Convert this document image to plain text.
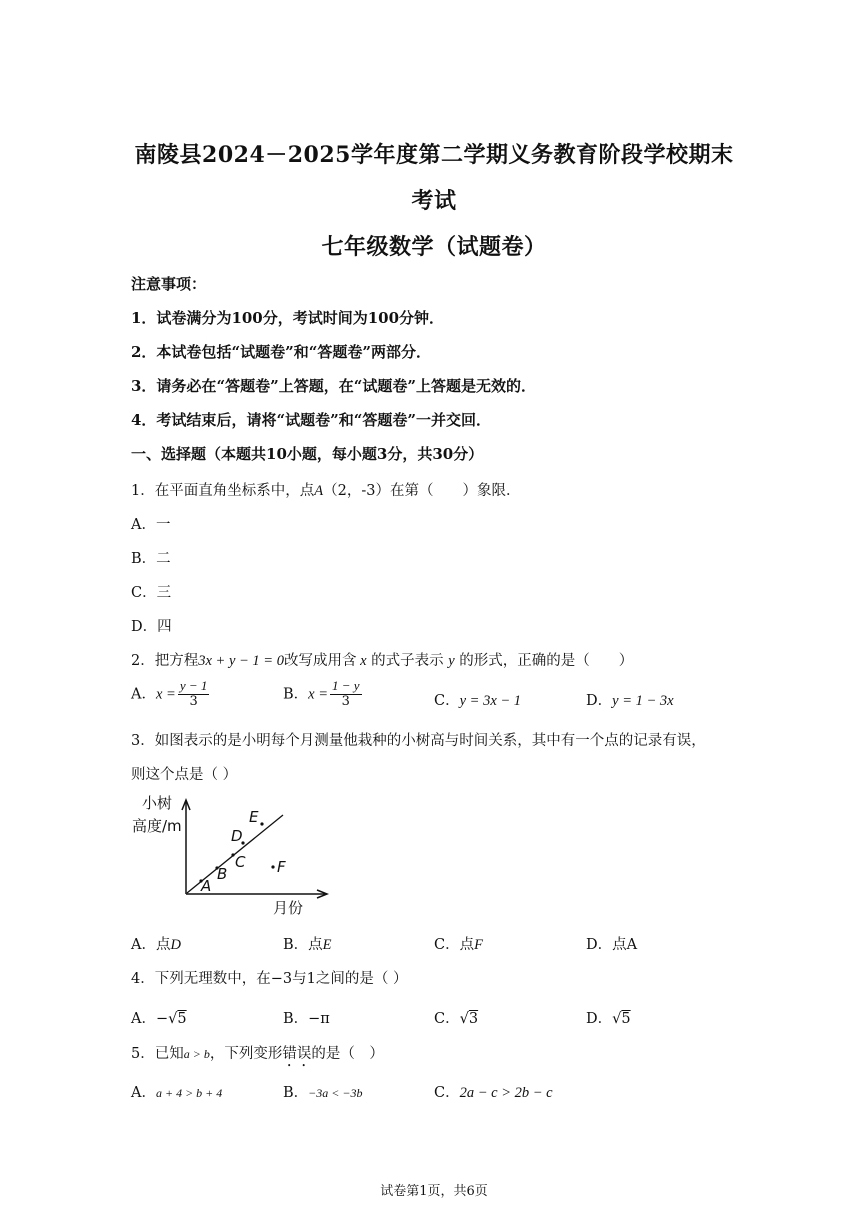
南陵县2024－2025学年度第二学期义务教育阶段学校期末
考试
七年级数学（试题卷）
注意事项：
1．试卷满分为100分，考试时间为100分钟．
2．本试卷包括“试题卷”和“答题卷”两部分．
3．请务必在“答题卷”上答题，在“试题卷”上答题是无效的．
4．考试结束后，请将“试题卷”和“答题卷”一并交回．
一、选择题（本题共10小题，每小题3分，共30分）
1．在平面直角坐标系中，点A（2，-3）在第（　　）象限．
A．一
B．二
C．三
D．四
2．把方程3x + y − 1 = 0改写成用含 x 的式子表示 y 的形式，正确的是（　　）
A．$x = \frac{y - 1}{3}$	B．$x = \frac{1 - y}{3}$	C．y = 3x − 1	D．y = 1 − 3x
3．如图表示的是小明每个月测量他栽种的小树高与时间关系，其中有一个点的记录有误，
则这个点是（ ）
小树
高度/m
月份
A
B
C
D
E
F
A．点D	B．点E	C．点F	D．点A
4．下列无理数中，在−3与1之间的是（ ）
A．−√5	B．−π	C．√3	D．√5
5．已知a > b，下列变形错误的是（　）
A．a + 4 > b + 4	B．−3a < −3b	C．2a − c > 2b − c
试卷第1页，共6页
